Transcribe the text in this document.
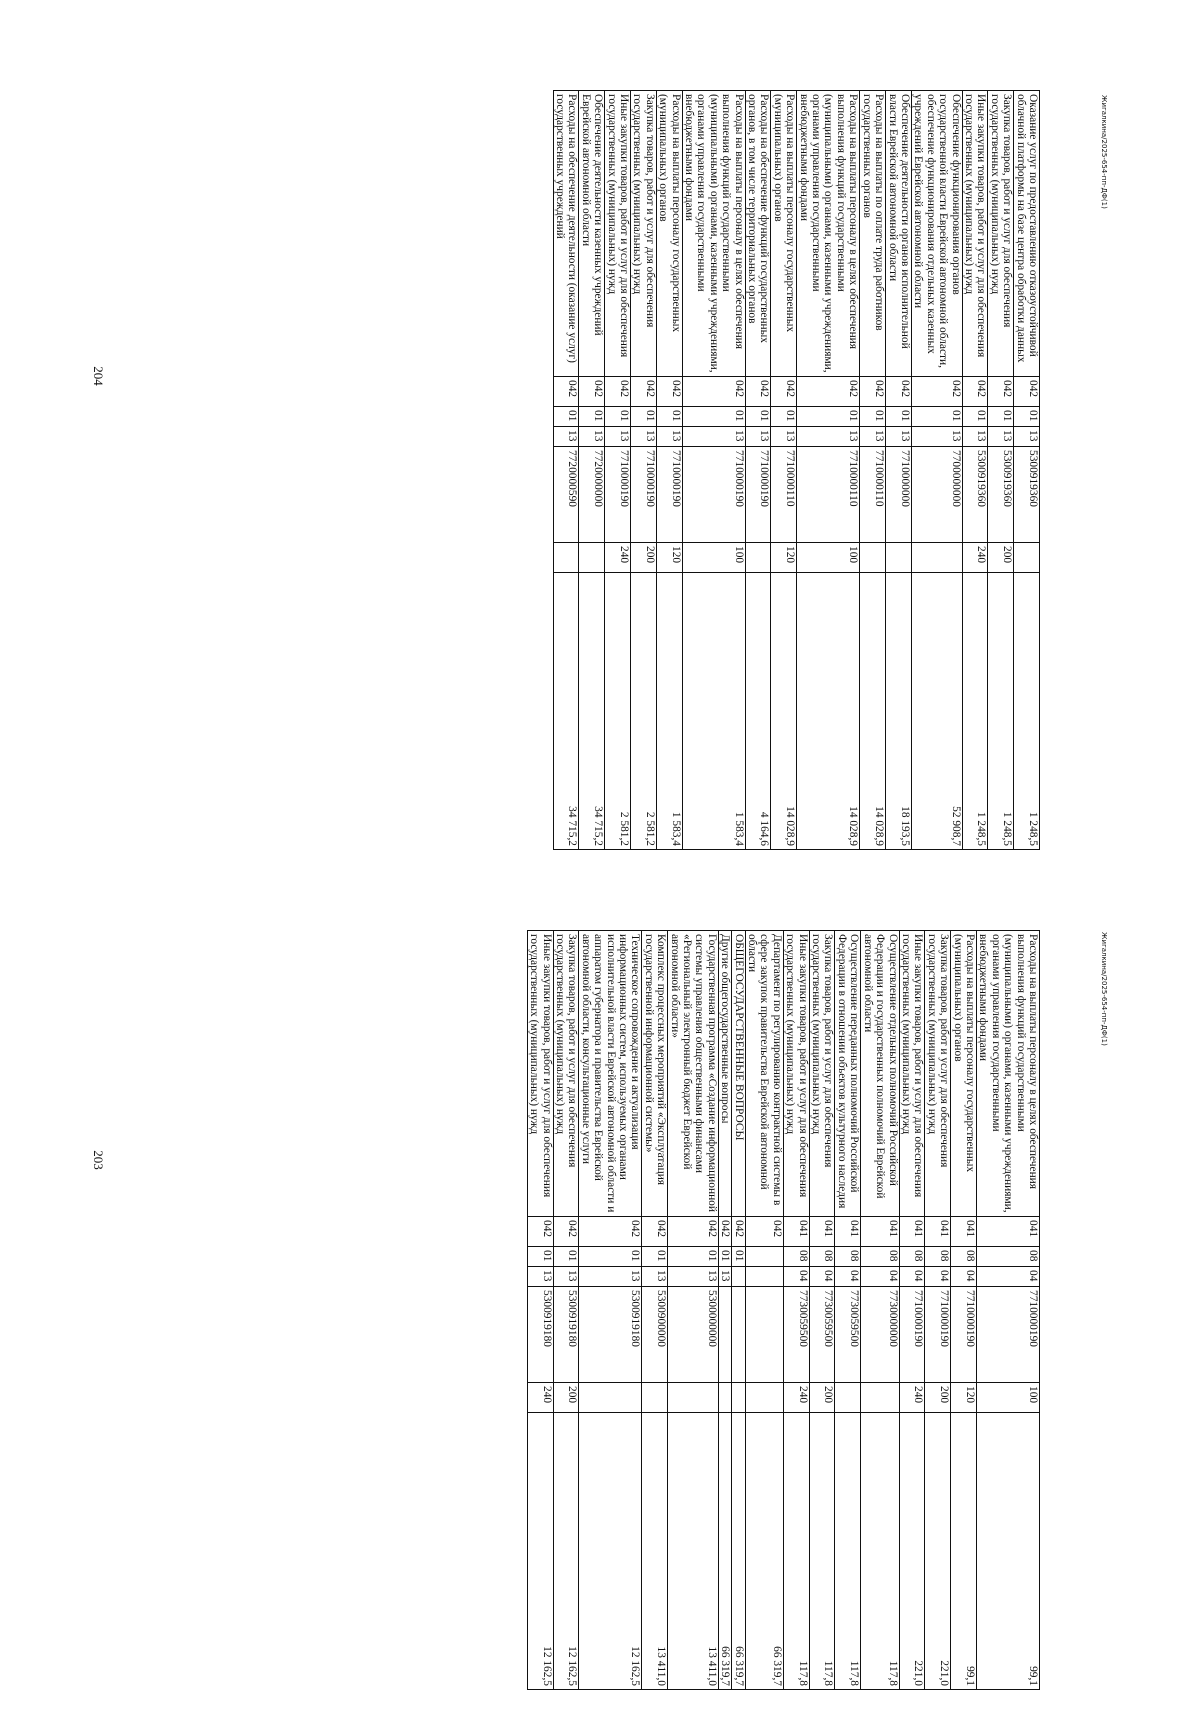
204
203
Жигалкина/2025-654-пп-ДФ(1)
Жигалкина/2025-654-пп-ДФ(1)
Оказание услуг по предоставлению отказоустойчивой облачной платформы на базе центра обработки данных	042	01	13	5300919360		1 248,5
Закупка товаров, работ и услуг для обеспечения государственных (муниципальных) нужд	042	01	13	5300919360	200	1 248,5
Иные закупки товаров, работ и услуг для обеспечения государственных (муниципальных) нужд	042	01	13	5300919360	240	1 248,5
Обеспечение функционирования органов государственной власти Еврейской автономной области, обеспечение функционирования отдельных казенных учреждений Еврейской автономной области	042	01	13	7700000000		52 908,7
Обеспечение деятельности органов исполнительной власти Еврейской автономной области	042	01	13	7710000000		18 193,5
Расходы на выплаты по оплате труда работников государственных органов	042	01	13	7710000110		14 028,9
Расходы на выплаты персоналу в целях обеспечения выполнения функций государственными (муниципальными) органами, казенными учреждениями, органами управления государственными внебюджетными фондами	042	01	13	7710000110	100	14 028,9
Расходы на выплаты персоналу государственных (муниципальных) органов	042	01	13	7710000110	120	14 028,9
Расходы на обеспечение функций государственных органов, в том числе территориальных органов	042	01	13	7710000190		4 164,6
Расходы на выплаты персоналу в целях обеспечения выполнения функций государственными (муниципальными) органами, казенными учреждениями, органами управления государственными внебюджетными фондами	042	01	13	7710000190	100	1 583,4
Расходы на выплаты персоналу государственных (муниципальных) органов	042	01	13	7710000190	120	1 583,4
Закупка товаров, работ и услуг для обеспечения государственных (муниципальных) нужд	042	01	13	7710000190	200	2 581,2
Иные закупки товаров, работ и услуг для обеспечения государственных (муниципальных) нужд	042	01	13	7710000190	240	2 581,2
Обеспечение деятельности казенных учреждений Еврейской автономной области	042	01	13	7720000000		34 715,2
Расходы на обеспечение деятельности (оказание услуг) государственных учреждений	042	01	13	7720000590		34 715,2
Расходы на выплаты персоналу в целях обеспечения выполнения функций государственными (муниципальными) органами, казенными учреждениями, органами управления государственными внебюджетными фондами	041	08	04	7710000190	100	99,1
Расходы на выплаты персоналу государственных (муниципальных) органов	041	08	04	7710000190	120	99,1
Закупка товаров, работ и услуг для обеспечения государственных (муниципальных) нужд	041	08	04	7710000190	200	221,0
Иные закупки товаров, работ и услуг для обеспечения государственных (муниципальных) нужд	041	08	04	7710000190	240	221,0
Осуществление отдельных полномочий Российской Федерации и государственных полномочий Еврейской автономной области	041	08	04	7730000000		117,8
Осуществление переданных полномочий Российской Федерации в отношении объектов культурного наследия	041	08	04	7730059500		117,8
Закупка товаров, работ и услуг для обеспечения государственных (муниципальных) нужд	041	08	04	7730059500	200	117,8
Иные закупки товаров, работ и услуг для обеспечения государственных (муниципальных) нужд	041	08	04	7730059500	240	117,8
Департамент по регулированию контрактной системы в сфере закупок правительства Еврейской автономной области	042					66 319,7
ОБЩЕГОСУДАРСТВЕННЫЕ ВОПРОСЫ	042	01				66 319,7
Другие общегосударственные вопросы	042	01	13			66 319,7
Государственная программа «Создание информационной системы управления общественными финансами «Региональный электронный бюджет Еврейской автономной области»	042	01	13	5300000000		13 411,0
Комплекс процессных мероприятий «Эксплуатация государственной информационной системы»	042	01	13	5300900000		13 411,0
Техническое сопровождение и актуализация информационных систем, используемых органами исполнительной власти Еврейской автономной области и аппаратом губернатора и правительства Еврейской автономной области, консультационные услуги	042	01	13	5300919180		12 162,5
Закупка товаров, работ и услуг для обеспечения государственных (муниципальных) нужд	042	01	13	5300919180	200	12 162,5
Иные закупки товаров, работ и услуг для обеспечения государственных (муниципальных) нужд	042	01	13	5300919180	240	12 162,5
